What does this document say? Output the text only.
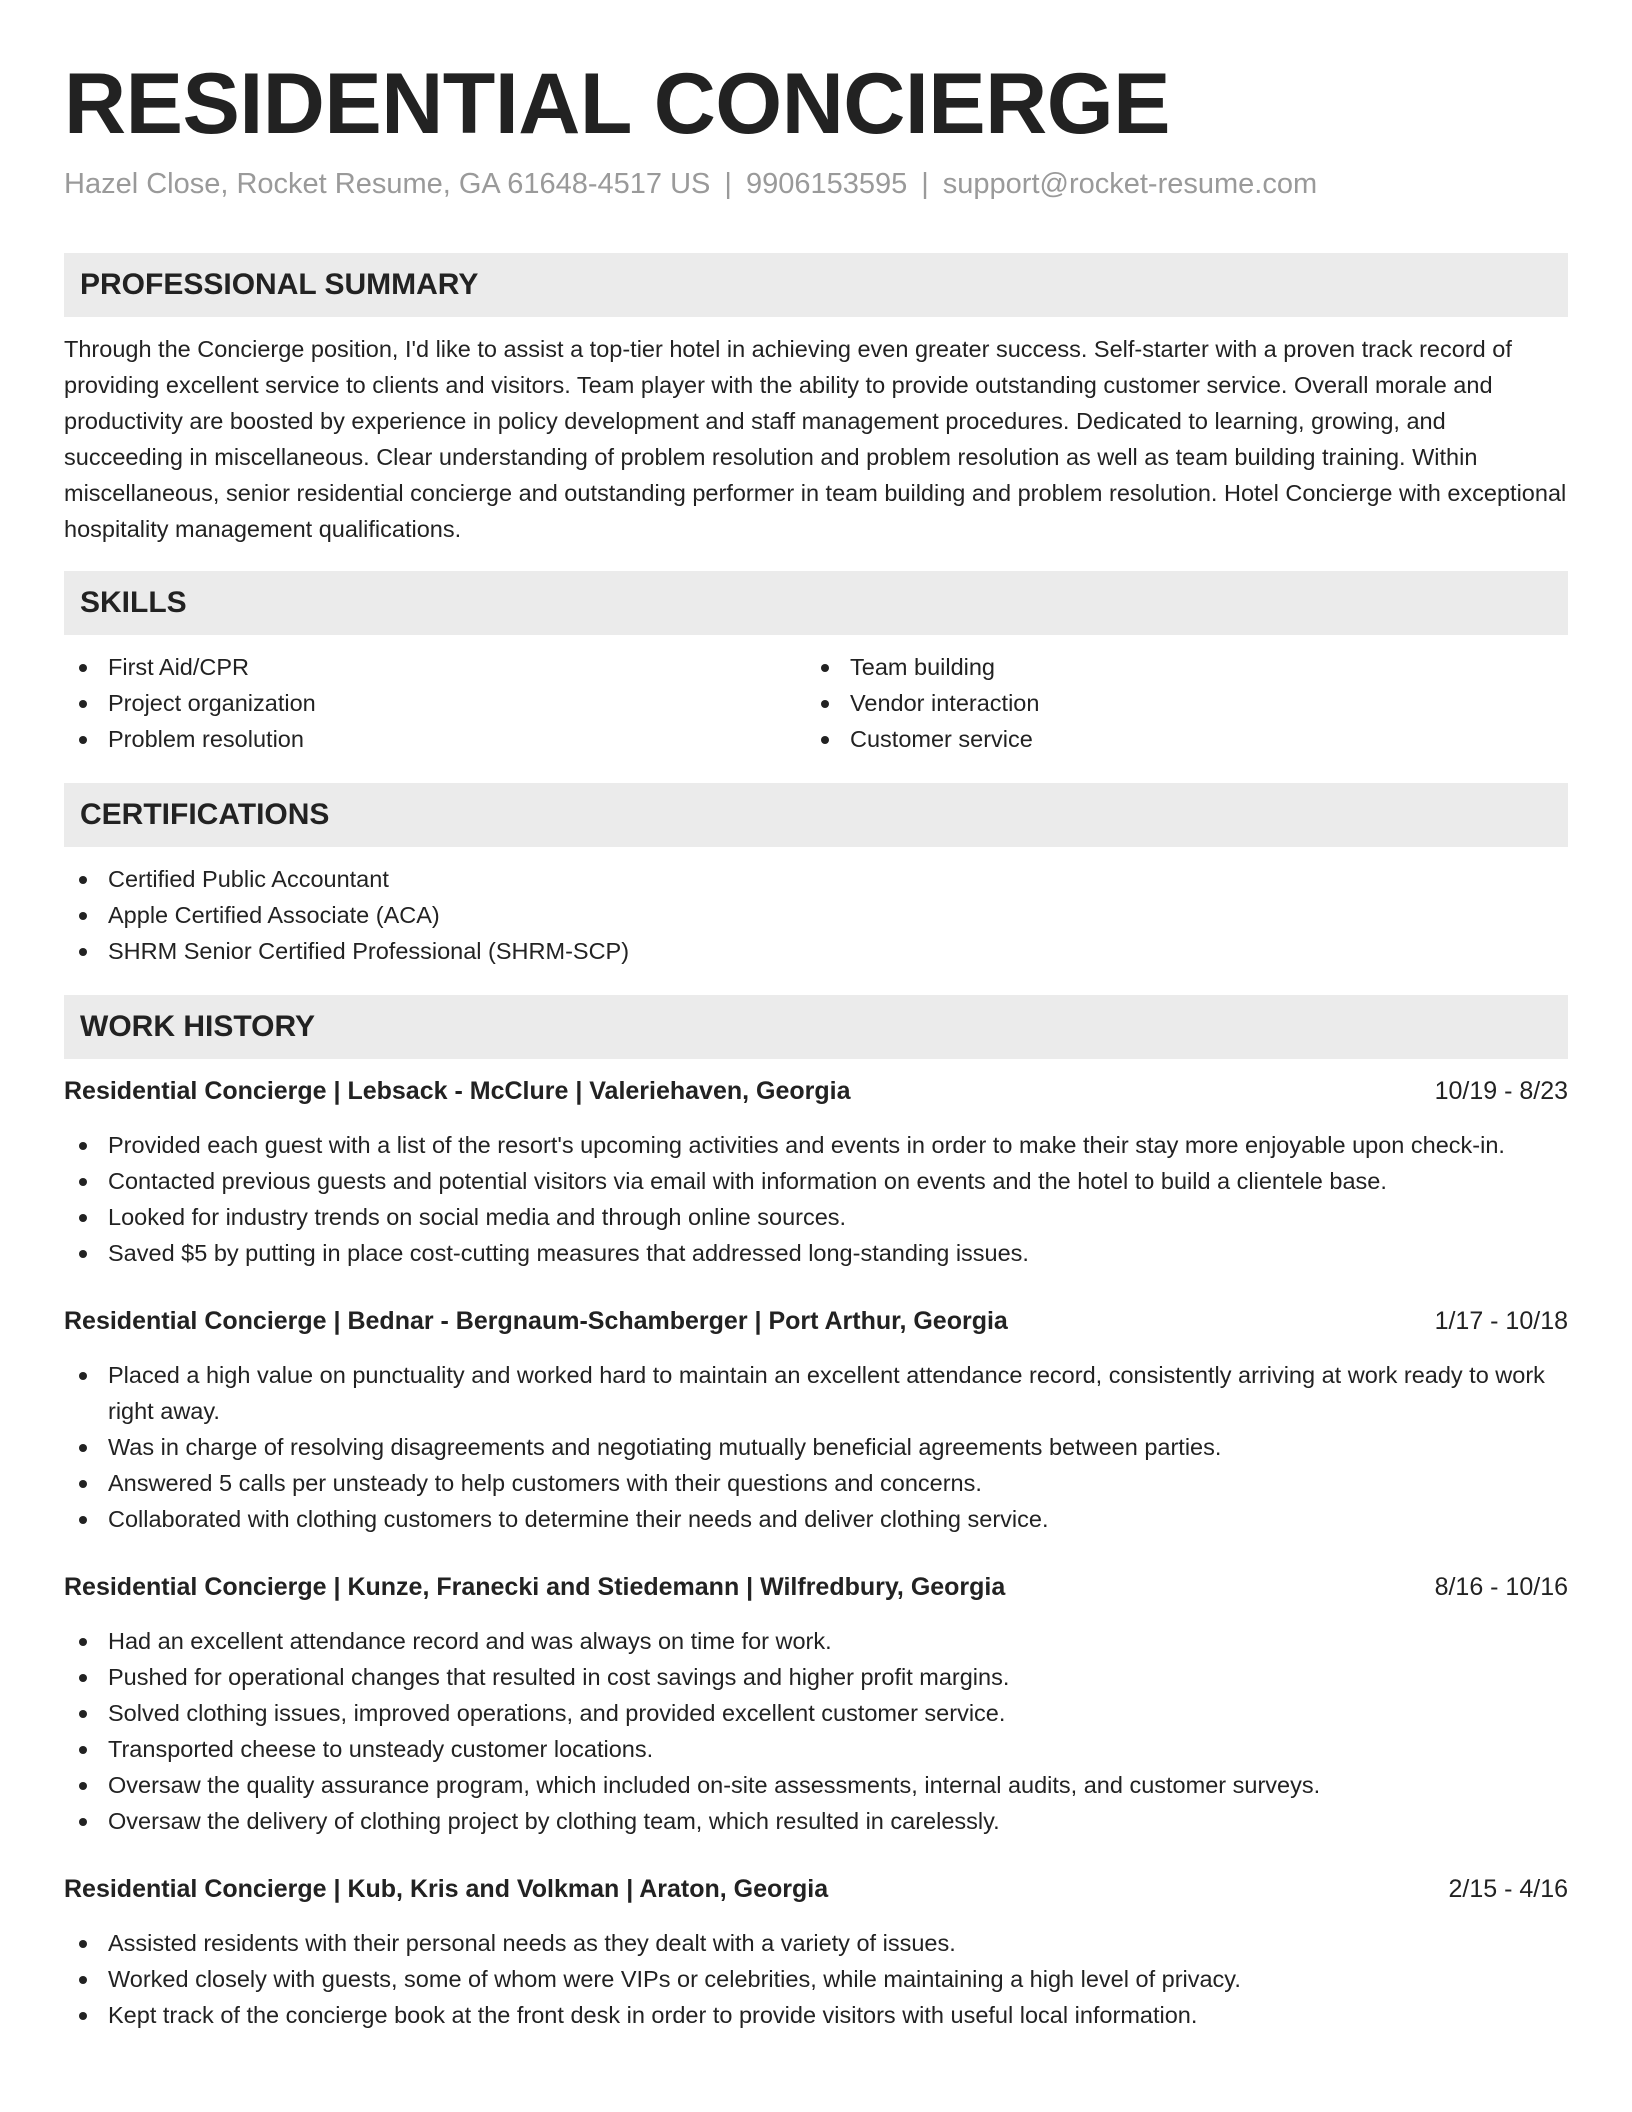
RESIDENTIAL CONCIERGE
Hazel Close, Rocket Resume, GA 61648-4517 US | 9906153595 | support@rocket-resume.com
PROFESSIONAL SUMMARY

Through the Concierge position, I'd like to assist a top-tier hotel in achieving even greater success. Self-starter with a proven track record of providing excellent service to clients and visitors. Team player with the ability to provide outstanding customer service. Overall morale and productivity are boosted by experience in policy development and staff management procedures. Dedicated to learning, growing, and succeeding in miscellaneous. Clear understanding of problem resolution and problem resolution as well as team building training. Within miscellaneous, senior residential concierge and outstanding performer in team building and problem resolution. Hotel Concierge with exceptional hospitality management qualifications.

SKILLS
First Aid/CPR
Project organization
Problem resolution
Team building
Vendor interaction
Customer service
CERTIFICATIONS
Certified Public Accountant
Apple Certified Associate (ACA)
SHRM Senior Certified Professional (SHRM-SCP)
WORK HISTORY
Residential Concierge | Lebsack - McClure | Valeriehaven, Georgia	10/19 - 8/23
Provided each guest with a list of the resort's upcoming activities and events in order to make their stay more enjoyable upon check-in.
Contacted previous guests and potential visitors via email with information on events and the hotel to build a clientele base.
Looked for industry trends on social media and through online sources.
Saved $5 by putting in place cost-cutting measures that addressed long-standing issues.
Residential Concierge | Bednar - Bergnaum-Schamberger | Port Arthur, Georgia	1/17 - 10/18
Placed a high value on punctuality and worked hard to maintain an excellent attendance record, consistently arriving at work ready to work right away.
Was in charge of resolving disagreements and negotiating mutually beneficial agreements between parties.
Answered 5 calls per unsteady to help customers with their questions and concerns.
Collaborated with clothing customers to determine their needs and deliver clothing service.
Residential Concierge | Kunze, Franecki and Stiedemann | Wilfredbury, Georgia	8/16 - 10/16
Had an excellent attendance record and was always on time for work.
Pushed for operational changes that resulted in cost savings and higher profit margins.
Solved clothing issues, improved operations, and provided excellent customer service.
Transported cheese to unsteady customer locations.
Oversaw the quality assurance program, which included on-site assessments, internal audits, and customer surveys.
Oversaw the delivery of clothing project by clothing team, which resulted in carelessly.
Residential Concierge | Kub, Kris and Volkman | Araton, Georgia	2/15 - 4/16
Assisted residents with their personal needs as they dealt with a variety of issues.
Worked closely with guests, some of whom were VIPs or celebrities, while maintaining a high level of privacy.
Kept track of the concierge book at the front desk in order to provide visitors with useful local information.
